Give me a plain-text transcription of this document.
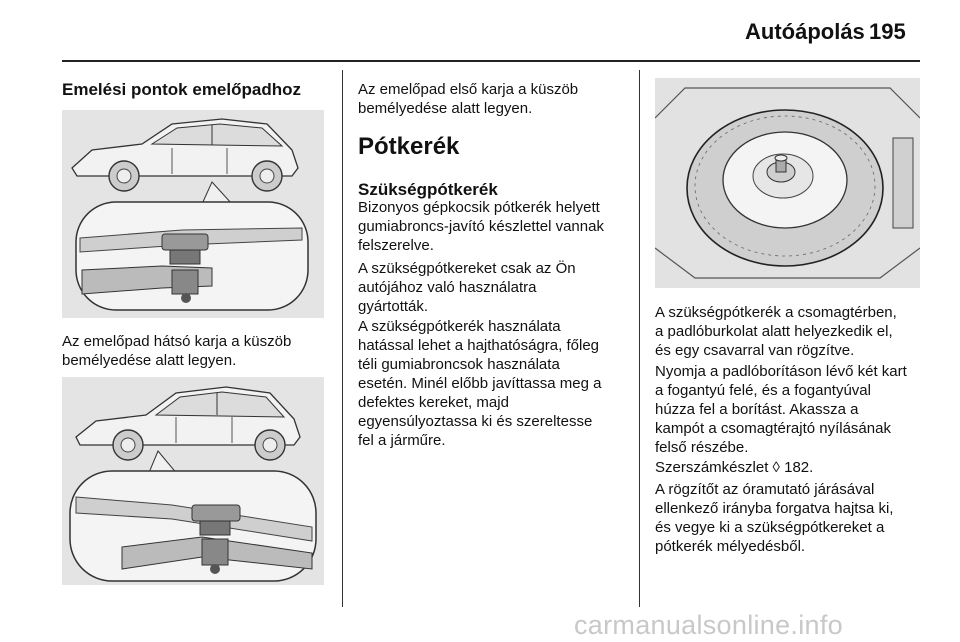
Autóápolás 195
Emelési pontok emelőpadhoz
Az emelőpad hátsó karja a küszöb
bemélyedése alatt legyen.
Az emelőpad első karja a küszöb
bemélyedése alatt legyen.
Pótkerék
Szükségpótkerék
Bizonyos gépkocsik pótkerék helyett
gumiabroncs-javító készlettel vannak
felszerelve.
A szükségpótkereket csak az Ön
autójához való használatra
gyártották.
A szükségpótkerék használata
hatással lehet a hajthatóságra, főleg
téli gumiabroncsok használata
esetén. Minél előbb javíttassa meg a
defektes kereket, majd
egyensúlyoztassa ki és szereltesse
fel a járműre.
A szükségpótkerék a csomagtérben,
a padlóburkolat alatt helyezkedik el,
és egy csavarral van rögzítve.
Nyomja a padlóborításon lévő két kart
a fogantyú felé, és a fogantyúval
húzza fel a borítást. Akassza a
kampót a csomagtérajtó nyílásának
felső részébe.
Szerszámkészlet ◊ 182.
A rögzítőt az óramutató járásával
ellenkező irányba forgatva hajtsa ki,
és vegye ki a szükségpótkereket a
pótkerék mélyedésből.
carmanualsonline.info
